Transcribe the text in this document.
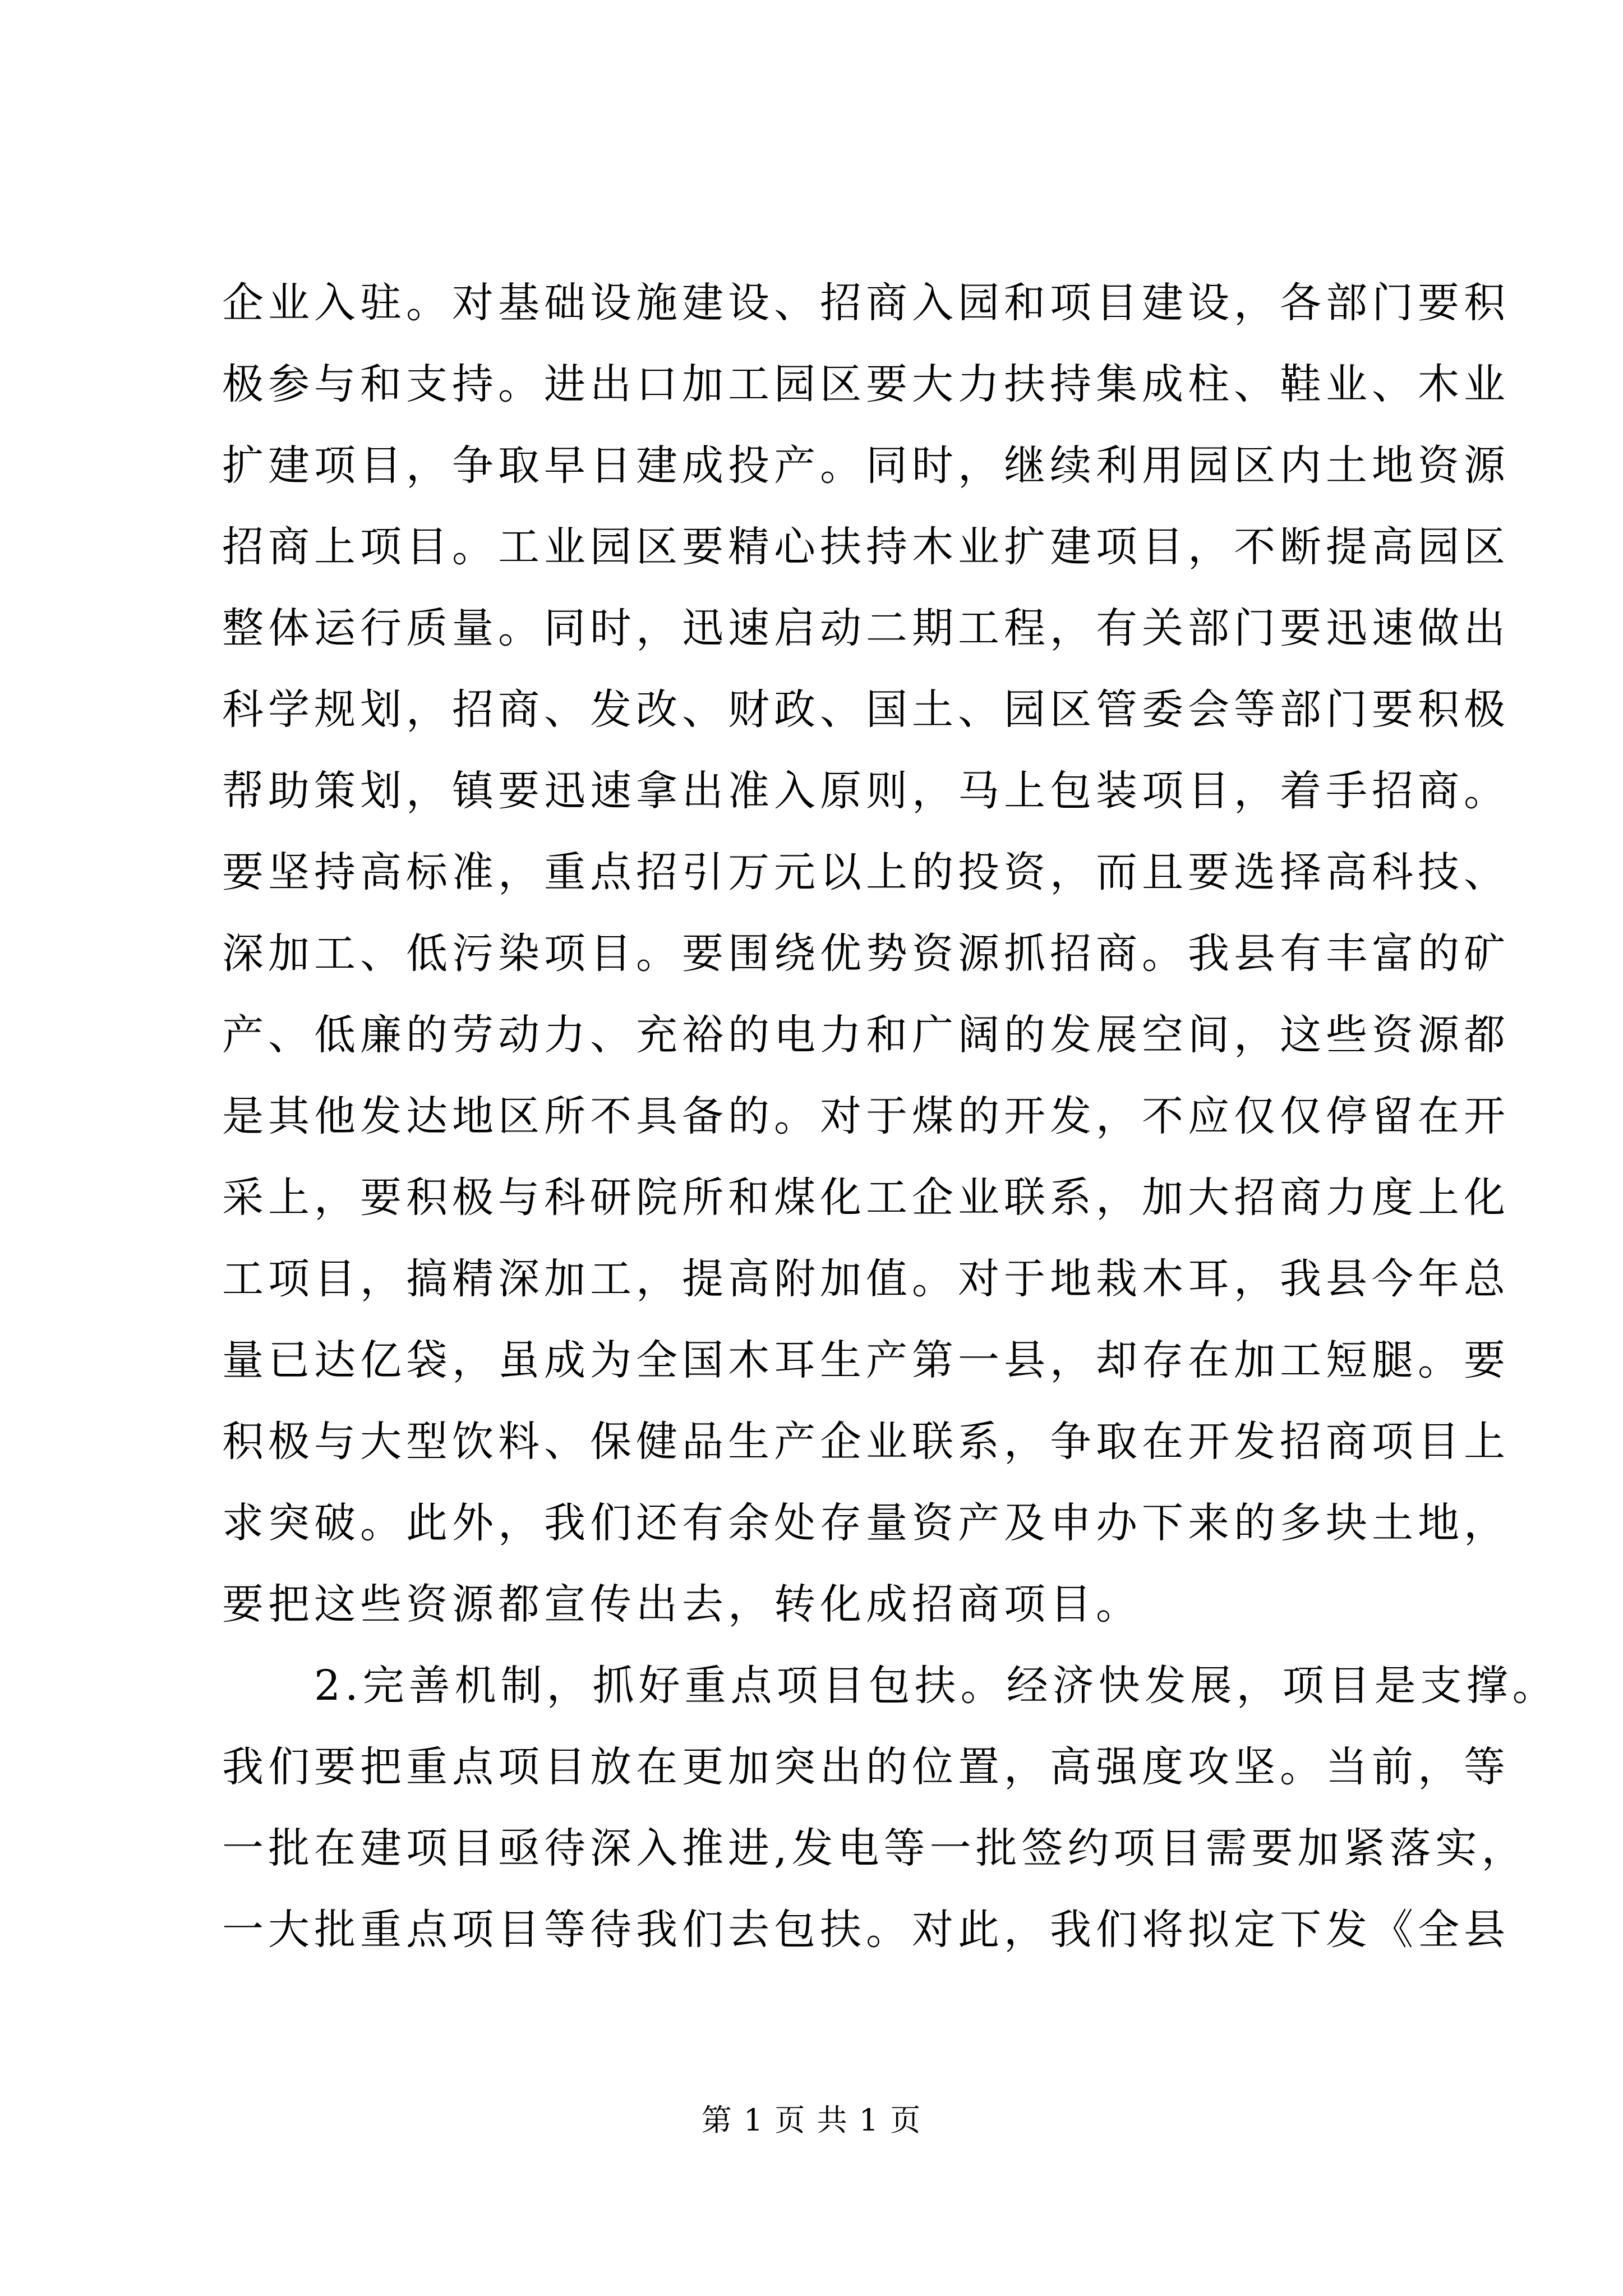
企业入驻。对基础设施建设、招商入园和项目建设，各部门要积
极参与和支持。进出口加工园区要大力扶持集成柱、鞋业、木业
扩建项目，争取早日建成投产。同时，继续利用园区内土地资源
招商上项目。工业园区要精心扶持木业扩建项目，不断提高园区
整体运行质量。同时，迅速启动二期工程，有关部门要迅速做出
科学规划，招商、发改、财政、国土、园区管委会等部门要积极
帮助策划，镇要迅速拿出准入原则，马上包装项目，着手招商。
要坚持高标准，重点招引万元以上的投资，而且要选择高科技、
深加工、低污染项目。要围绕优势资源抓招商。我县有丰富的矿
产、低廉的劳动力、充裕的电力和广阔的发展空间，这些资源都
是其他发达地区所不具备的。对于煤的开发，不应仅仅停留在开
采上，要积极与科研院所和煤化工企业联系，加大招商力度上化
工项目，搞精深加工，提高附加值。对于地栽木耳，我县今年总
量已达亿袋，虽成为全国木耳生产第一县，却存在加工短腿。要
积极与大型饮料、保健品生产企业联系，争取在开发招商项目上
求突破。此外，我们还有余处存量资产及申办下来的多块土地，
要把这些资源都宣传出去，转化成招商项目。
2.完善机制，抓好重点项目包扶。经济快发展，项目是支撑。
我们要把重点项目放在更加突出的位置，高强度攻坚。当前，等
一批在建项目亟待深入推进,发电等一批签约项目需要加紧落实，
一大批重点项目等待我们去包扶。对此，我们将拟定下发《全县
第 1 页 共 1 页
